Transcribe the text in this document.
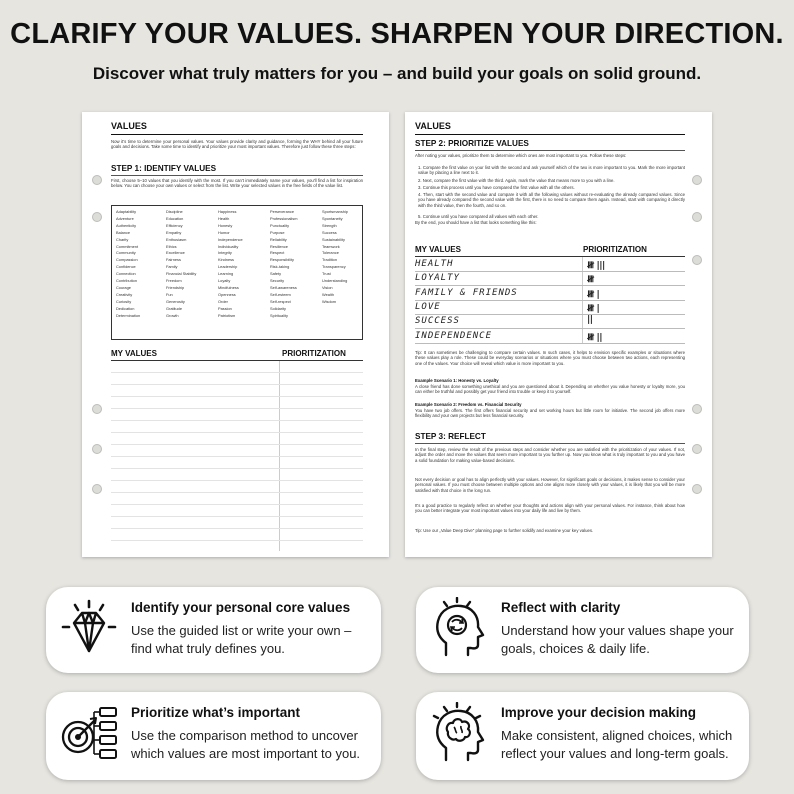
CLARIFY YOUR VALUES. SHARPEN YOUR DIRECTION.
Discover what truly matters for you – and build your goals on solid ground.
VALUES
Now it's time to determine your personal values. Your values provide clarity and guidance, forming the WHY behind all your future goals and decisions. Take some time to identify and prioritize your most important values. Therefore just follow these three steps:
STEP 1: IDENTIFY VALUES
First, choose 5–10 values that you identify with the most. If you can't immediately name your values, you'll find a list for inspiration below. You can choose your own values or select from the list. Write your selected values in the free fields of the value list.
Adaptability
Adventure
Authenticity
Balance
Charity
Commitment
Community
Compassion
Confidence
Connection
Contribution
Courage
Creativity
Curiosity
Dedication
Determination
Discipline
Education
Efficiency
Empathy
Enthusiasm
Ethics
Excellence
Fairness
Family
Financial Stability
Freedom
Friendship
Fun
Generosity
Gratitude
Growth
Happiness
Health
Honesty
Humor
Independence
Individuality
Integrity
Kindness
Leadership
Learning
Loyalty
Mindfulness
Openness
Order
Passion
Patriotism
Perseverance
Professionalism
Punctuality
Purpose
Reliability
Resilience
Respect
Responsibility
Risk-taking
Safety
Security
Self-awareness
Self-esteem
Self-respect
Solidarity
Spirituality
Sportsmanship
Spontaneity
Strength
Success
Sustainability
Teamwork
Tolerance
Tradition
Transparency
Trust
Understanding
Vision
Wealth
Wisdom
MY VALUES	PRIORITIZATION
VALUES
STEP 2: PRIORITIZE VALUES
After noting your values, prioritize them to determine which ones are most important to you. Follow these steps:
1. Compare the first value on your list with the second and ask yourself which of the two is more important to you. Mark the more important value by placing a line next to it.
2. Next, compare the first value with the third. Again, mark the value that means more to you with a line.
3. Continue this process until you have compared the first value with all the others.
4. Then, start with the second value and compare it with all the following values without re-evaluating the already compared values. Since you have already compared the second value with the first, there is no need to compare them again. Instead, start with comparing it directly with the third value, then the fourth, and so on.
5. Continue until you have compared all values with each other.
By the end, you should have a list that looks something like this:
MY VALUES	PRIORITIZATION
HEALTH
LOYALTY
FAMILY & FRIENDS
LOVE
SUCCESS
INDEPENDENCE
𝍸 |||
𝍸
𝍸 |
𝍸 |
||
𝍸 ||
Tip: It can sometimes be challenging to compare certain values. In such cases, it helps to envision specific examples or situations where these values play a role. These could be everyday scenarios or situations where you must choose between two actions, each representing one of the values. Your choice will reveal which value is more important to you.
Example Scenario 1: Honesty vs. Loyalty
A close friend has done something unethical and you are questioned about it. Depending on whether you value honesty or loyalty more, you can either be truthful and possibly get your friend into trouble or keep it to yourself.
Example Scenario 2: Freedom vs. Financial Security
You have two job offers. The first offers financial security and set working hours but little room for initiative. The second job offers more flexibility and your own projects but less financial security.
STEP 3: REFLECT
In the final step, review the result of the previous steps and consider whether you are satisfied with the prioritization of your values. If not, adjust the order and move the values that seem more important to you further up. Now you know what is truly important to you and you have a solid foundation for making value-based decisions.
Not every decision or goal has to align perfectly with your values. However, for significant goals or decisions, it makes sense to consider your personal values. If you must choose between multiple options and one aligns more closely with your values, it is likely that you will be more satisfied with that choice in the long run.
It's a good practice to regularly reflect on whether your thoughts and actions align with your personal values. For instance, think about how you can better integrate your most important values into your daily life and live by them.
Tip: Use our „Value Deep Dive" planning page to further solidify and examine your key values.
Identify your personal core values
Use the guided list or write your own – find what truly defines you.
Reflect with clarity
Understand how your values shape your goals, choices & daily life.
Prioritize what’s important
Use the comparison method to uncover which values are most important to you.
Improve your decision making
Make consistent, aligned choices, which reflect your values and long-term goals.
